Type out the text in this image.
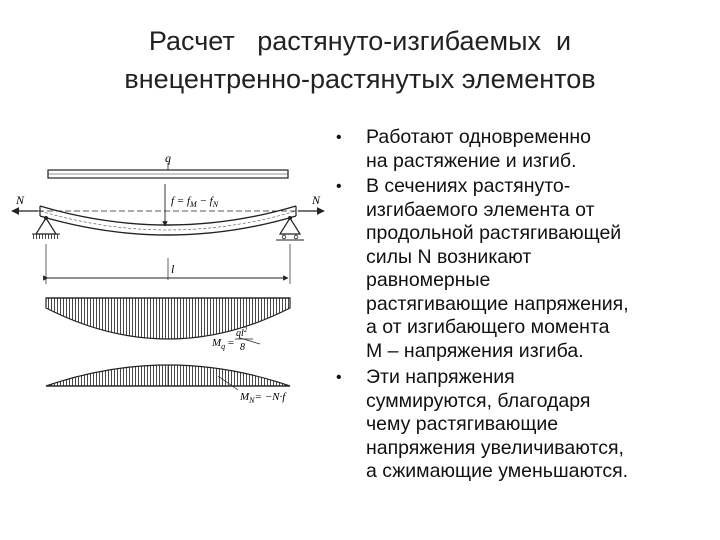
Расчет   растянуто-изгибаемых  и
внецентренно-растянутых элементов
q
N	N
$f = f_M - f_N$
l
$M_q$ =
$ql^2$
8
$M_N= -N\cdot f$
• Работают одновременно
на растяжение и изгиб.
• В сечениях растянуто-
изгибаемого элемента от
продольной растягивающей
силы N возникают
равномерные
растягивающие напряжения,
а от изгибающего момента
М – напряжения изгиба.
• Эти напряжения
суммируются, благодаря
чему растягивающие
напряжения увеличиваются,
а сжимающие уменьшаются.
